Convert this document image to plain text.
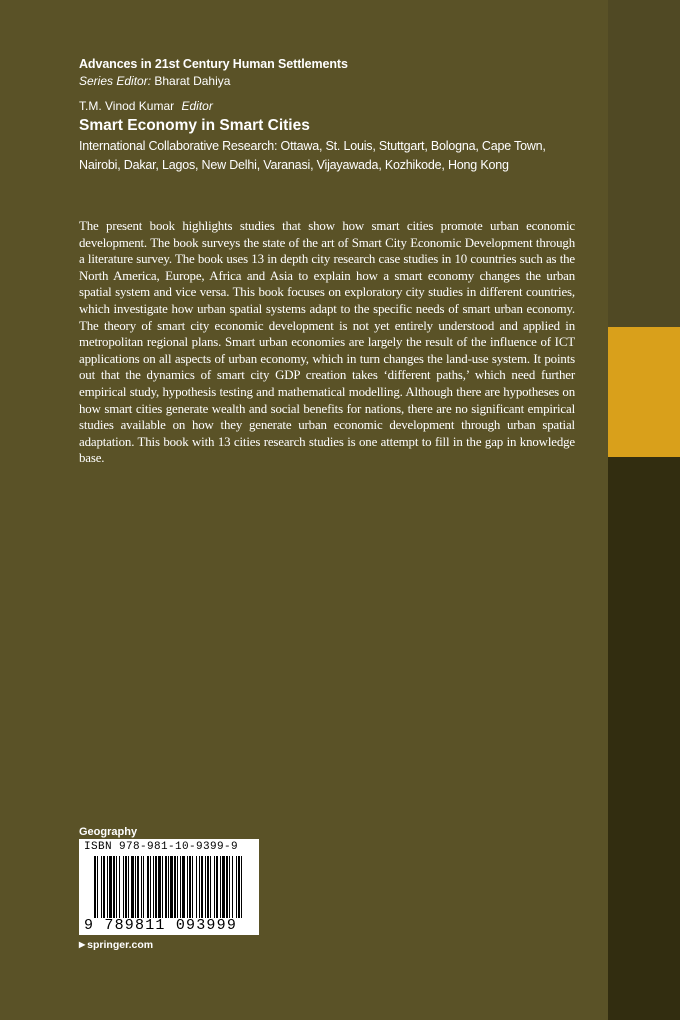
Advances in 21st Century Human Settlements
Series Editor: Bharat Dahiya
T.M. Vinod Kumar Editor
Smart Economy in Smart Cities
International Collaborative Research: Ottawa, St. Louis, Stuttgart, Bologna, Cape Town, Nairobi, Dakar, Lagos, New Delhi, Varanasi, Vijayawada, Kozhikode, Hong Kong

The present book highlights studies that show how smart cities promote urban economic development. The book surveys the state of the art of Smart City Economic Development through a literature survey. The book uses 13 in depth city research case studies in 10 countries such as the North America, Europe, Africa and Asia to explain how a smart economy changes the urban spatial system and vice versa. This book focuses on exploratory city studies in different countries, which investigate how urban spatial systems adapt to the specific needs of smart urban economy. The theory of smart city economic development is not yet entirely understood and applied in metropolitan regional plans. Smart urban economies are largely the result of the influence of ICT applications on all aspects of urban economy, which in turn changes the land-use system. It points out that the dynamics of smart city GDP creation takes ‘different paths,’ which need further empirical study, hypothesis testing and mathematical modelling. Although there are hypotheses on how smart cities generate wealth and social benefits for nations, there are no significant empirical studies available on how they generate urban economic development through urban spatial adaptation. This book with 13 cities research studies is one attempt to fill in the gap in knowledge base.

Geography
ISBN 978-981-10-9399-9
9 789811 093999
▶ springer.com
